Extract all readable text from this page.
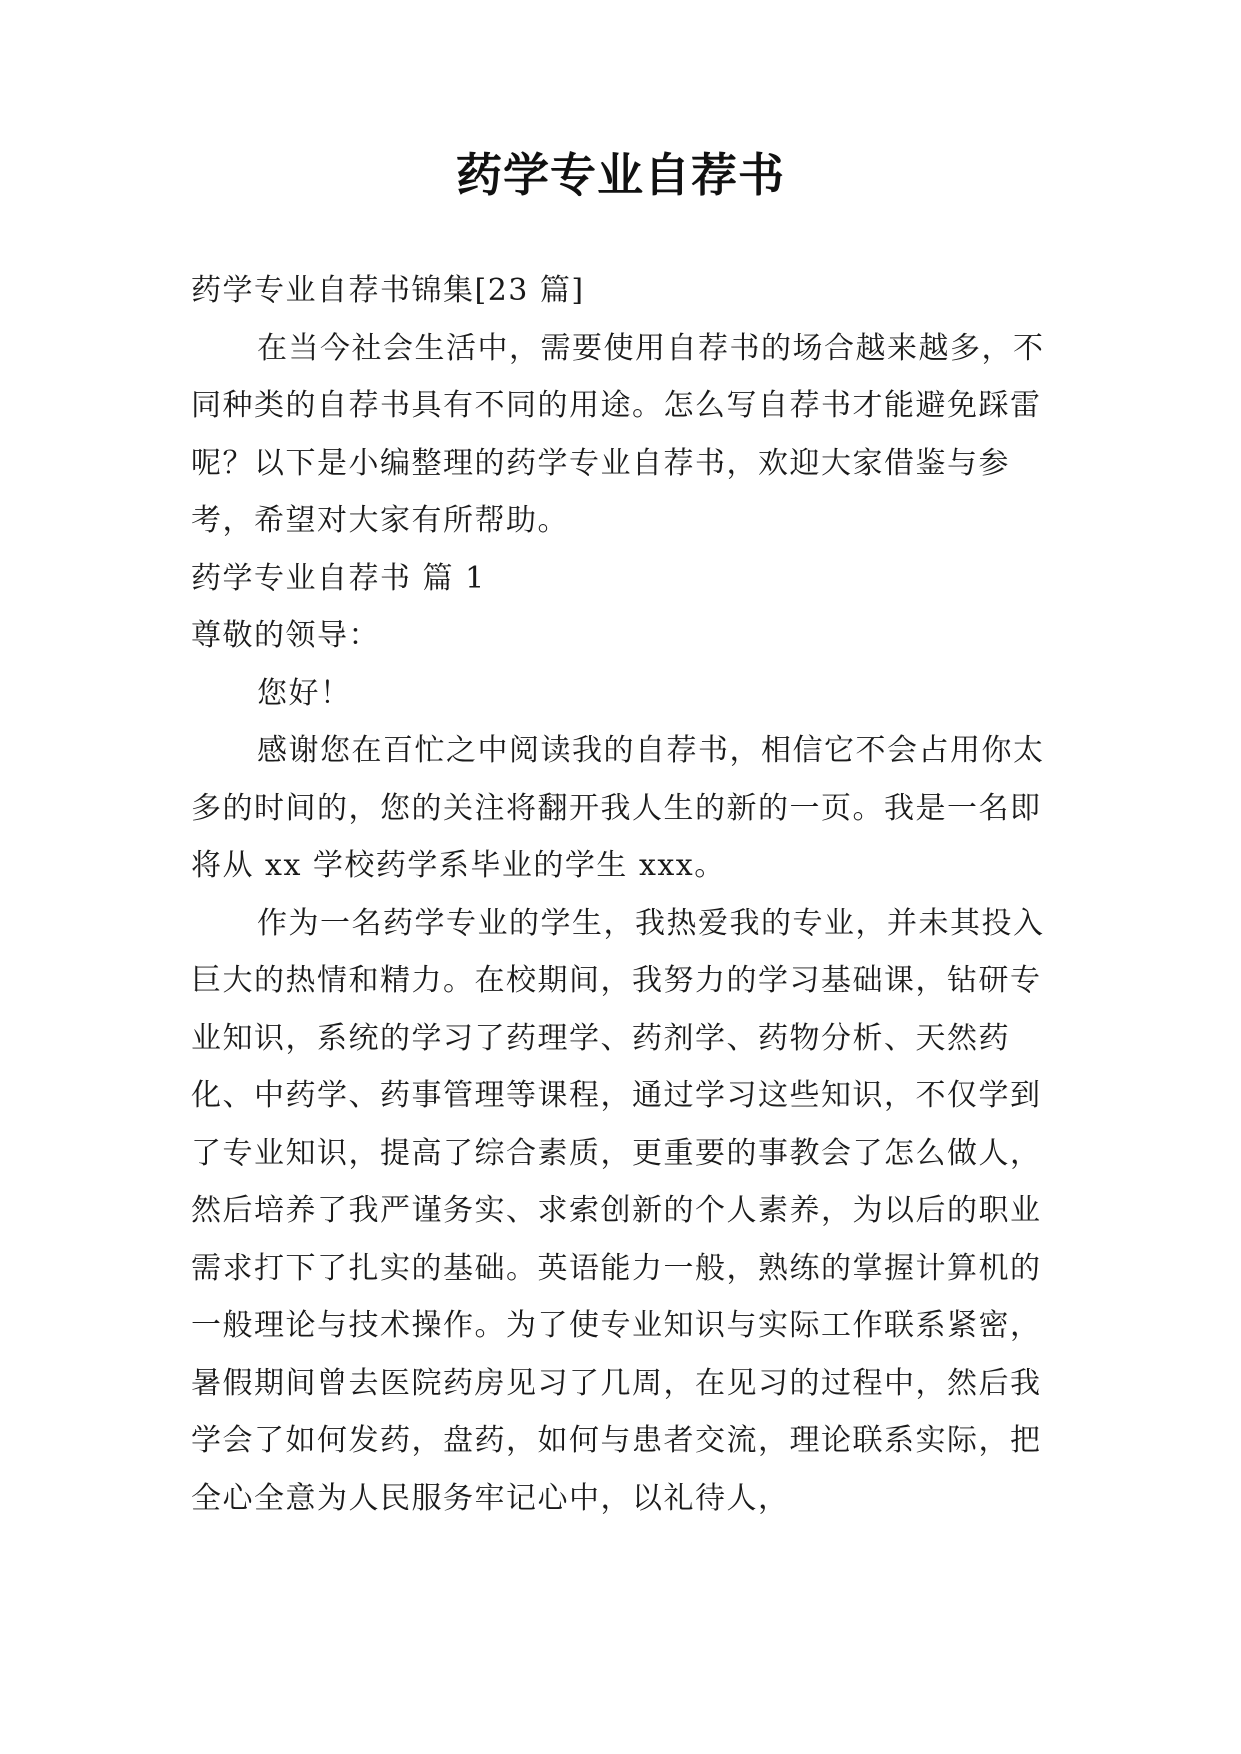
药学专业自荐书

药学专业自荐书锦集[23 篇]

在当今社会生活中，需要使用自荐书的场合越来越多，不同种类的自荐书具有不同的用途。怎么写自荐书才能避免踩雷呢？以下是小编整理的药学专业自荐书，欢迎大家借鉴与参考，希望对大家有所帮助。

药学专业自荐书 篇 1

尊敬的领导：

您好！

感谢您在百忙之中阅读我的自荐书，相信它不会占用你太多的时间的，您的关注将翻开我人生的新的一页。我是一名即将从 xx 学校药学系毕业的学生 xxx。

作为一名药学专业的学生，我热爱我的专业，并未其投入巨大的热情和精力。在校期间，我努力的学习基础课，钻研专业知识，系统的学习了药理学、药剂学、药物分析、天然药化、中药学、药事管理等课程，通过学习这些知识，不仅学到了专业知识，提高了综合素质，更重要的事教会了怎么做人，然后培养了我严谨务实、求索创新的个人素养，为以后的职业需求打下了扎实的基础。英语能力一般，熟练的掌握计算机的一般理论与技术操作。为了使专业知识与实际工作联系紧密，暑假期间曾去医院药房见习了几周，在见习的过程中，然后我学会了如何发药，盘药，如何与患者交流，理论联系实际，把全心全意为人民服务牢记心中，以礼待人，
